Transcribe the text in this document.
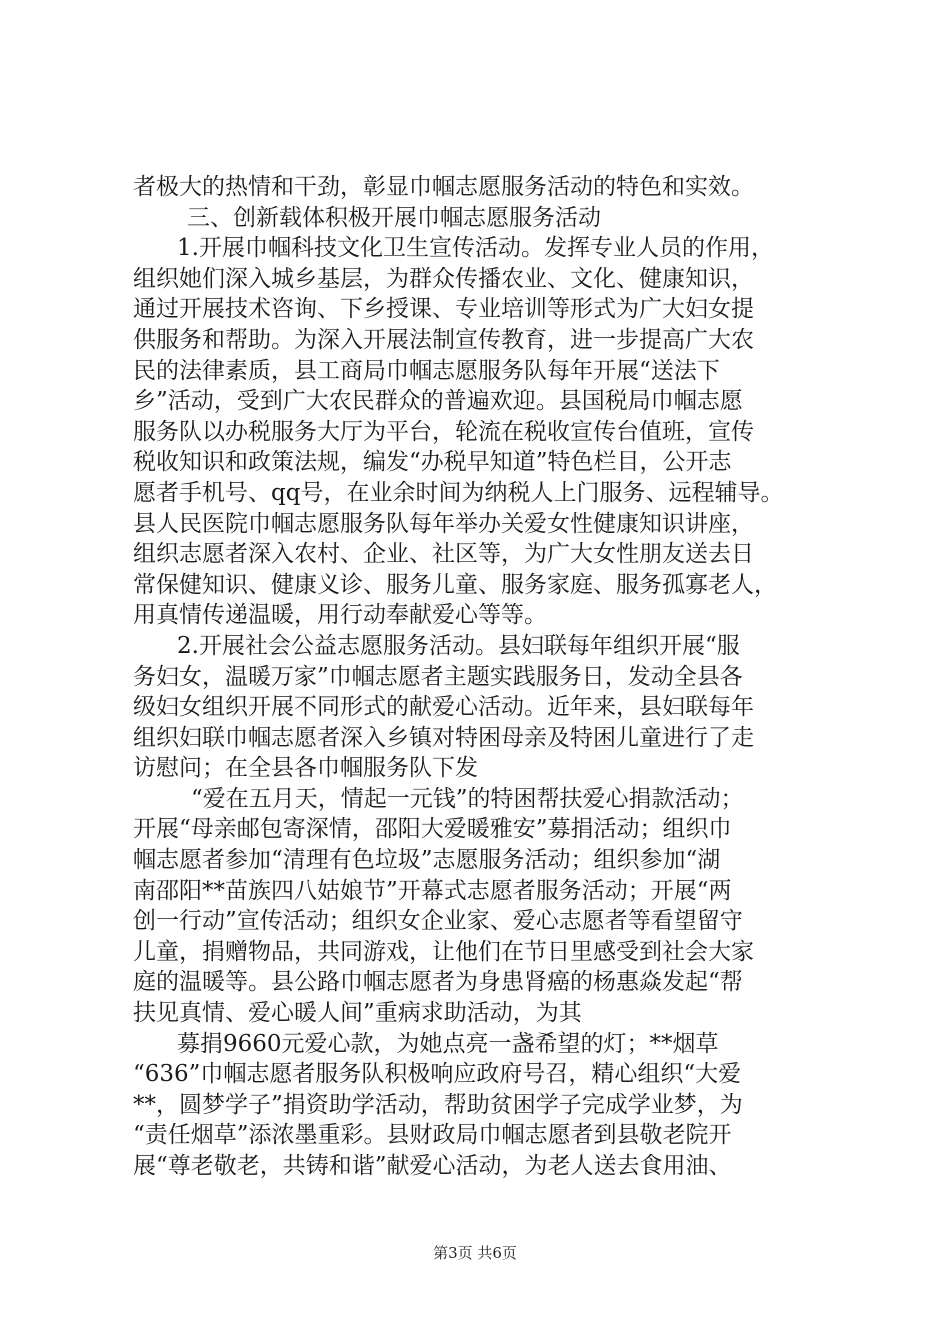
者极大的热情和干劲，彰显巾帼志愿服务活动的特色和实效。
三、创新载体积极开展巾帼志愿服务活动
1.开展巾帼科技文化卫生宣传活动。发挥专业人员的作用，
组织她们深入城乡基层，为群众传播农业、文化、健康知识，
通过开展技术咨询、下乡授课、专业培训等形式为广大妇女提
供服务和帮助。为深入开展法制宣传教育，进一步提高广大农
民的法律素质，县工商局巾帼志愿服务队每年开展“送法下
乡”活动，受到广大农民群众的普遍欢迎。县国税局巾帼志愿
服务队以办税服务大厅为平台，轮流在税收宣传台值班，宣传
税收知识和政策法规，编发“办税早知道”特色栏目，公开志
愿者手机号、qq号，在业余时间为纳税人上门服务、远程辅导。
县人民医院巾帼志愿服务队每年举办关爱女性健康知识讲座，
组织志愿者深入农村、企业、社区等，为广大女性朋友送去日
常保健知识、健康义诊、服务儿童、服务家庭、服务孤寡老人，
用真情传递温暖，用行动奉献爱心等等。
2.开展社会公益志愿服务活动。县妇联每年组织开展“服
务妇女，温暖万家”巾帼志愿者主题实践服务日，发动全县各
级妇女组织开展不同形式的献爱心活动。近年来，县妇联每年
组织妇联巾帼志愿者深入乡镇对特困母亲及特困儿童进行了走
访慰问；在全县各巾帼服务队下发
“爱在五月天，情起一元钱”的特困帮扶爱心捐款活动；
开展“母亲邮包寄深情，邵阳大爱暖雅安”募捐活动；组织巾
帼志愿者参加“清理有色垃圾”志愿服务活动；组织参加“湖
南邵阳**苗族四八姑娘节”开幕式志愿者服务活动；开展“两
创一行动”宣传活动；组织女企业家、爱心志愿者等看望留守
儿童，捐赠物品，共同游戏，让他们在节日里感受到社会大家
庭的温暖等。县公路巾帼志愿者为身患肾癌的杨惠焱发起“帮
扶见真情、爱心暖人间”重病求助活动，为其
募捐9660元爱心款，为她点亮一盏希望的灯；**烟草
“636”巾帼志愿者服务队积极响应政府号召，精心组织“大爱
**，圆梦学子”捐资助学活动，帮助贫困学子完成学业梦，为
“责任烟草”添浓墨重彩。县财政局巾帼志愿者到县敬老院开
展“尊老敬老，共铸和谐”献爱心活动，为老人送去食用油、
第3页 共6页
